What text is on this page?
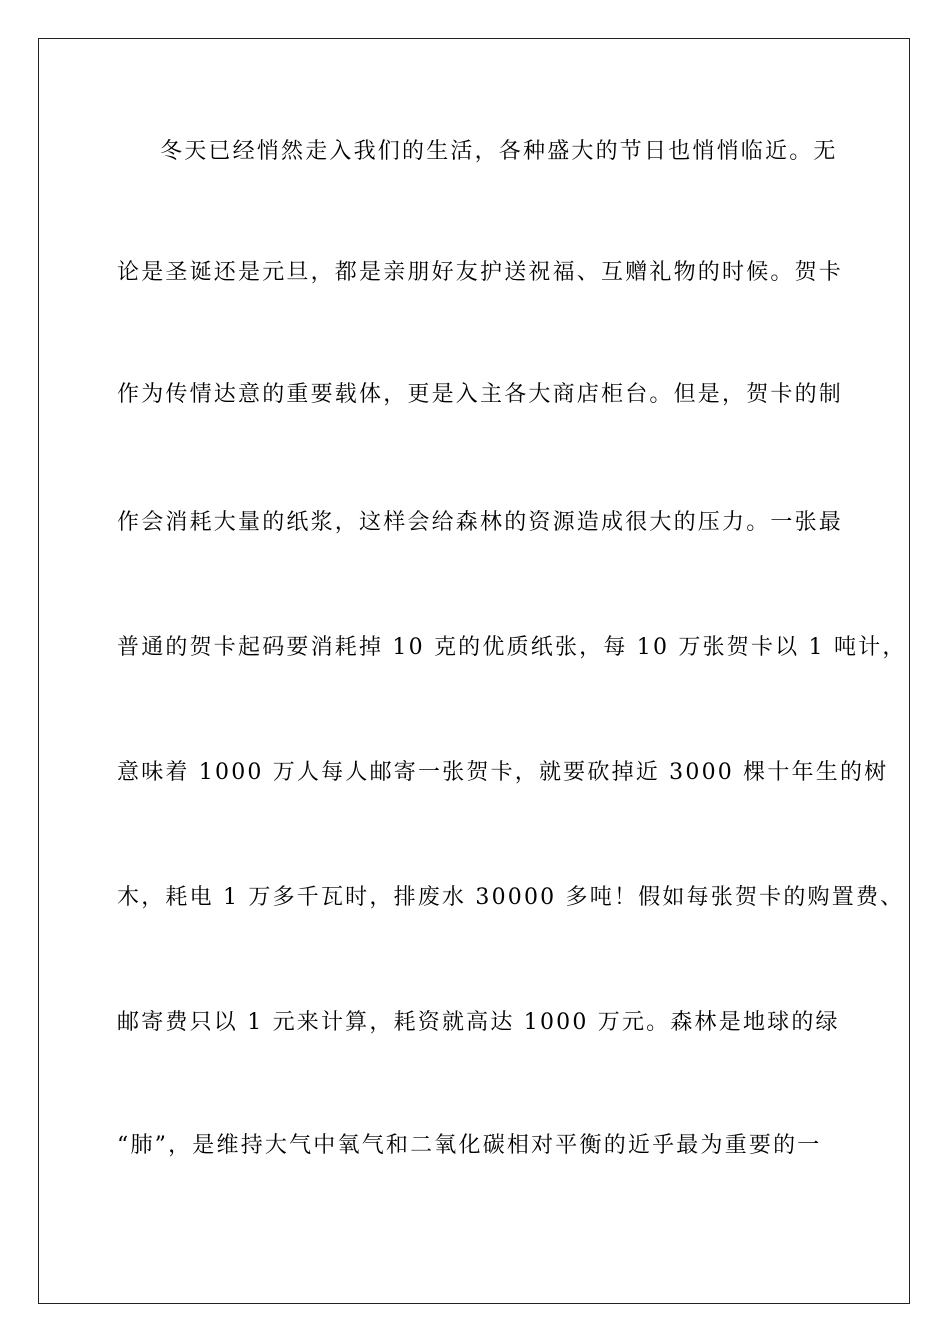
冬天已经悄然走入我们的生活，各种盛大的节日也悄悄临近。无

论是圣诞还是元旦，都是亲朋好友护送祝福、互赠礼物的时候。贺卡

作为传情达意的重要载体，更是入主各大商店柜台。但是，贺卡的制

作会消耗大量的纸浆，这样会给森林的资源造成很大的压力。一张最

普通的贺卡起码要消耗掉 10 克的优质纸张，每 10 万张贺卡以 1 吨计，

意味着 1000 万人每人邮寄一张贺卡，就要砍掉近 3000 棵十年生的树

木，耗电 1 万多千瓦时，排废水 30000 多吨！假如每张贺卡的购置费、

邮寄费只以 1 元来计算，耗资就高达 1000 万元。森林是地球的绿

“肺”，是维持大气中氧气和二氧化碳相对平衡的近乎最为重要的一
